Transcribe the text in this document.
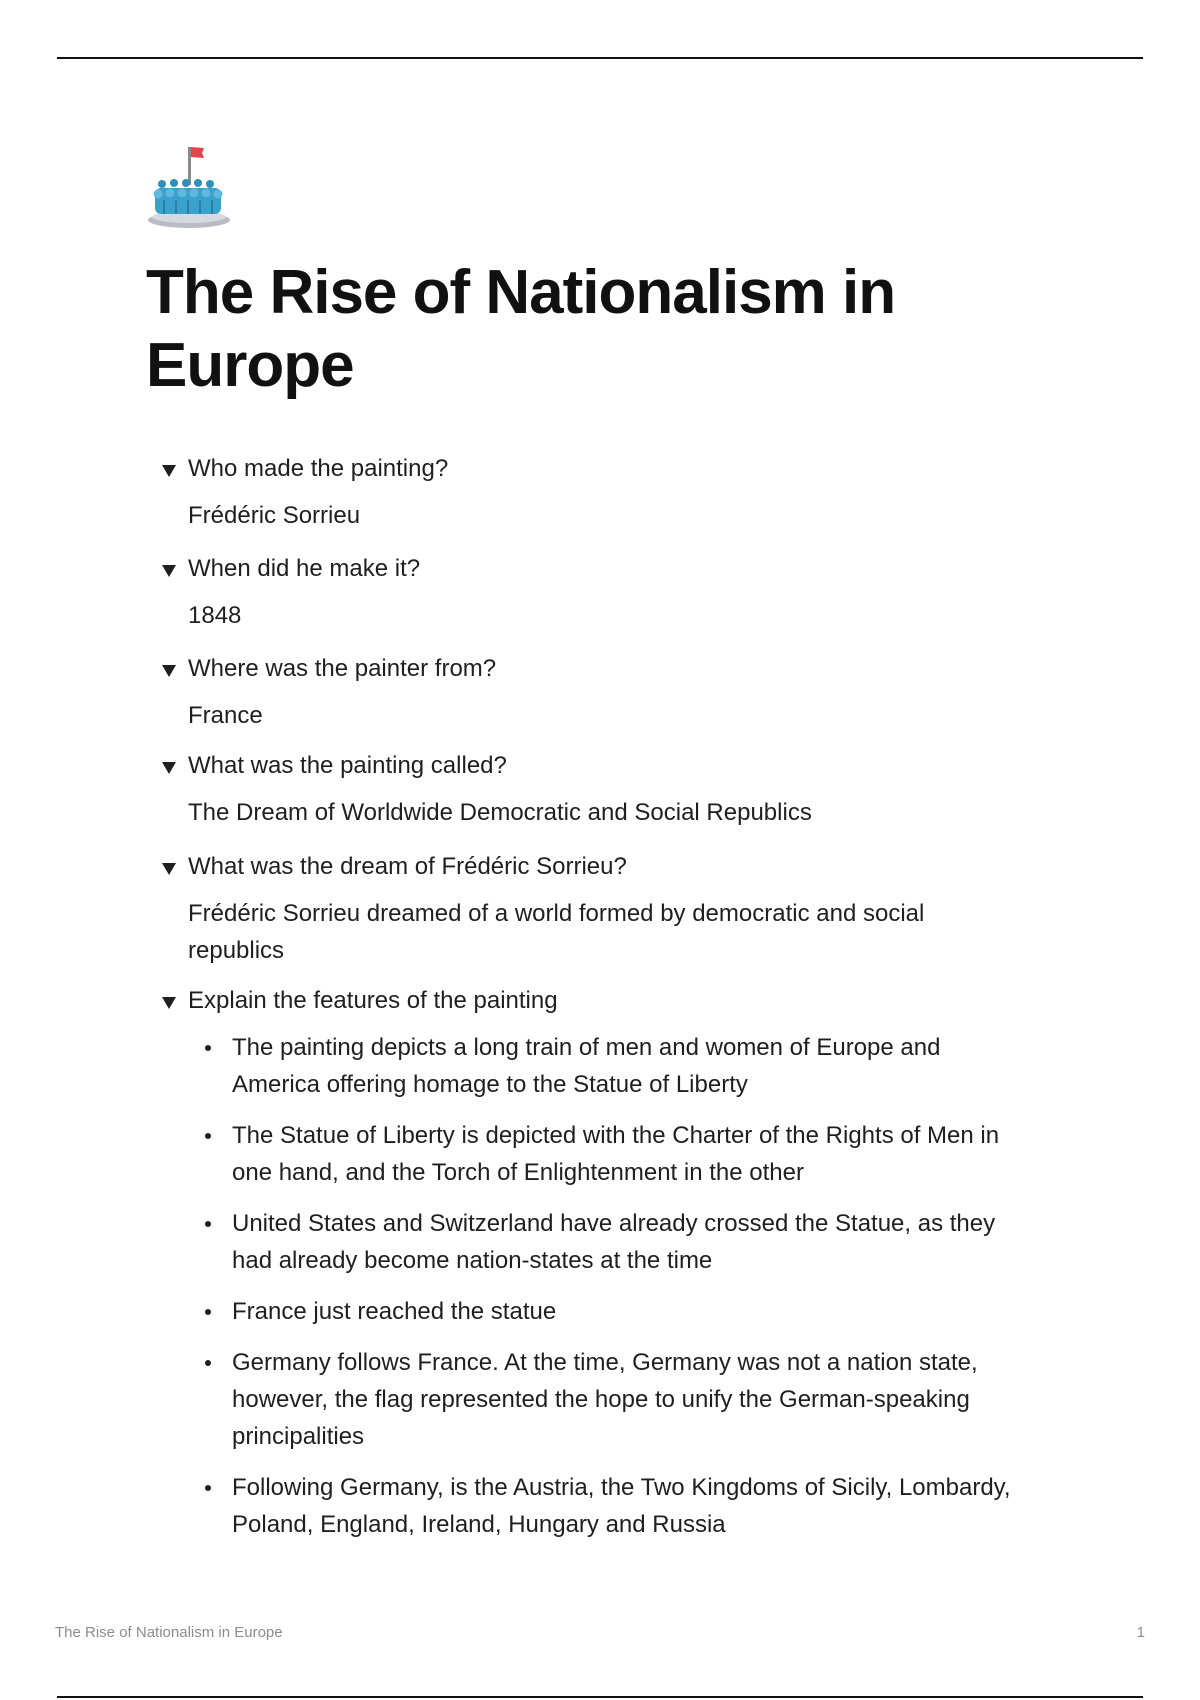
The Rise of Nationalism in Europe
Who made the painting?
Frédéric Sorrieu
When did he make it?
1848
Where was the painter from?
France
What was the painting called?
The Dream of Worldwide Democratic and Social Republics
What was the dream of Frédéric Sorrieu?
Frédéric Sorrieu dreamed of a world formed by democratic and social republics
Explain the features of the painting
The painting depicts a long train of men and women of Europe and America offering homage to the Statue of Liberty
The Statue of Liberty is depicted with the Charter of the Rights of Men in one hand, and the Torch of Enlightenment in the other
United States and Switzerland have already crossed the Statue, as they had already become nation-states at the time
France just reached the statue
Germany follows France. At the time, Germany was not a nation state, however, the flag represented the hope to unify the German-speaking principalities
Following Germany, is the Austria, the Two Kingdoms of Sicily, Lombardy, Poland, England, Ireland, Hungary and Russia
The Rise of Nationalism in Europe	1
